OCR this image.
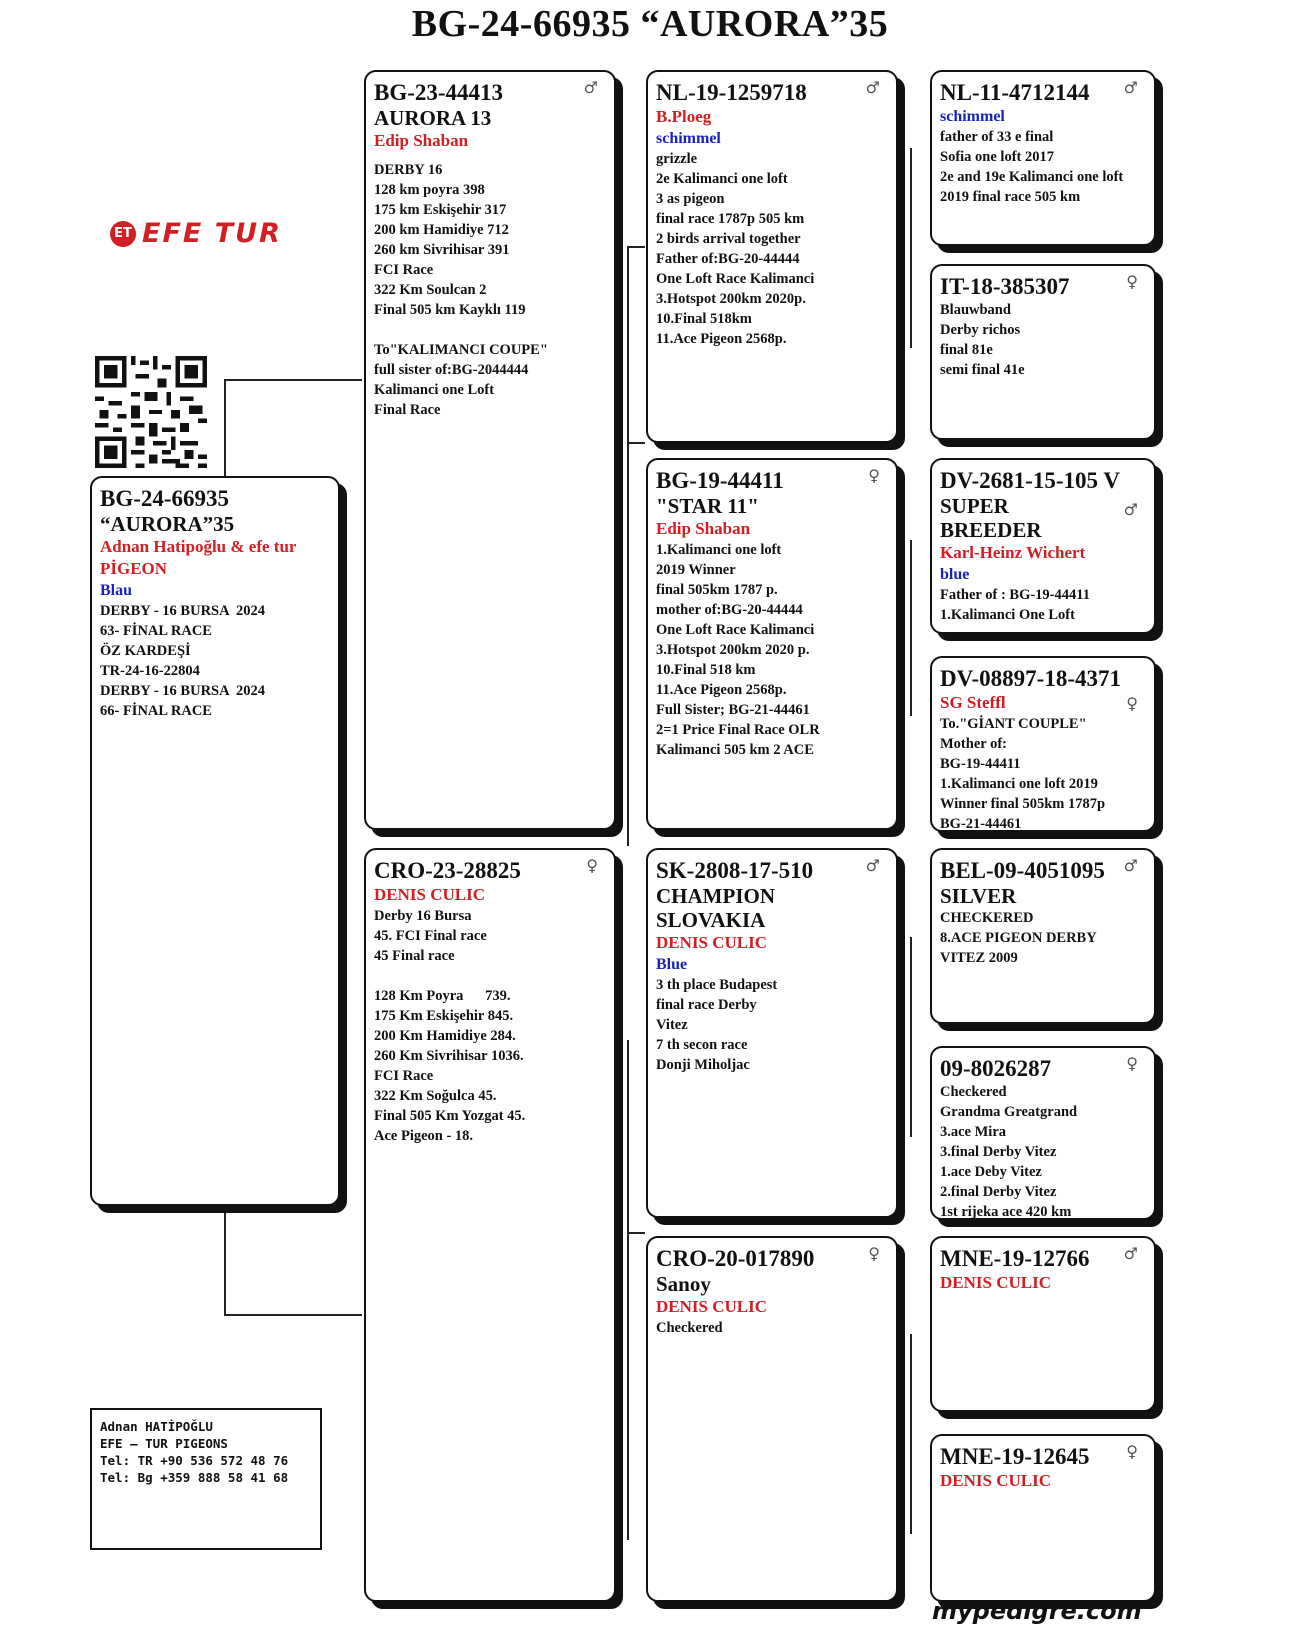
BG-24-66935 “AURORA”35
ET EFE TUR
BG-24-66935
“AURORA”35
Adnan Hatipoğlu & efe tur
PİGEON
Blau
DERBY - 16 BURSA  2024
63- FİNAL RACE
ÖZ KARDEŞİ
TR-24-16-22804
DERBY - 16 BURSA  2024
66- FİNAL RACE
♂
BG-23-44413
AURORA 13
Edip Shaban
DERBY 16
128 km poyra 398
175 km Eskişehir 317
200 km Hamidiye 712
260 km Sivrihisar 391
FCI Race
322 Km Soulcan 2
Final 505 km Kayklı 119

To"KALIMANCI COUPE"
full sister of:BG-2044444
Kalimanci one Loft
Final Race
♀
CRO-23-28825
DENIS CULIC
Derby 16 Bursa
45. FCI Final race
45 Final race

128 Km Poyra      739.
175 Km Eskişehir 845.
200 Km Hamidiye 284.
260 Km Sivrihisar 1036.
FCI Race
322 Km Soğulca 45.
Final 505 Km Yozgat 45.
Ace Pigeon - 18.
♂
NL-19-1259718
B.Ploeg
schimmel
grizzle
2e Kalimanci one loft
3 as pigeon
final race 1787p 505 km
2 birds arrival together
Father of:BG-20-44444
One Loft Race Kalimanci
3.Hotspot 200km 2020p.
10.Final 518km
11.Ace Pigeon 2568p.
♀
BG-19-44411
"STAR 11"
Edip Shaban
1.Kalimanci one loft
2019 Winner
final 505km 1787 p.
mother of:BG-20-44444
One Loft Race Kalimanci
3.Hotspot 200km 2020 p.
10.Final 518 km
11.Ace Pigeon 2568p.
Full Sister; BG-21-44461
2=1 Price Final Race OLR
Kalimanci 505 km 2 ACE
♂
SK-2808-17-510
CHAMPION
SLOVAKIA
DENIS CULIC
Blue
3 th place Budapest
final race Derby
Vitez
7 th secon race
Donji Miholjac
♀
CRO-20-017890
Sanoy
DENIS CULIC
Checkered
♂
NL-11-4712144
schimmel
father of 33 e final
Sofia one loft 2017
2e and 19e Kalimanci one loft
2019 final race 505 km
♀
IT-18-385307
Blauwband
Derby richos
final 81e
semi final 41e
♂
DV-2681-15-105 V
SUPER
BREEDER
Karl-Heinz Wichert
blue
Father of : BG-19-44411
1.Kalimanci One Loft
♀
DV-08897-18-4371
SG Steffl
To."GİANT COUPLE"
Mother of:
BG-19-44411
1.Kalimanci one loft 2019
Winner final 505km 1787p
BG-21-44461
♂
BEL-09-4051095
SILVER
CHECKERED
8.ACE PIGEON DERBY
VITEZ 2009
♀
09-8026287
Checkered
Grandma Greatgrand
3.ace Mira
3.final Derby Vitez
1.ace Deby Vitez
2.final Derby Vitez
1st rijeka ace 420 km
♂
MNE-19-12766
DENIS CULIC
♀
MNE-19-12645
DENIS CULIC
Adnan HATİPOĞLU
EFE – TUR PIGEONS
Tel: TR +90 536 572 48 76
Tel: Bg +359 888 58 41 68
mypedigre.com
